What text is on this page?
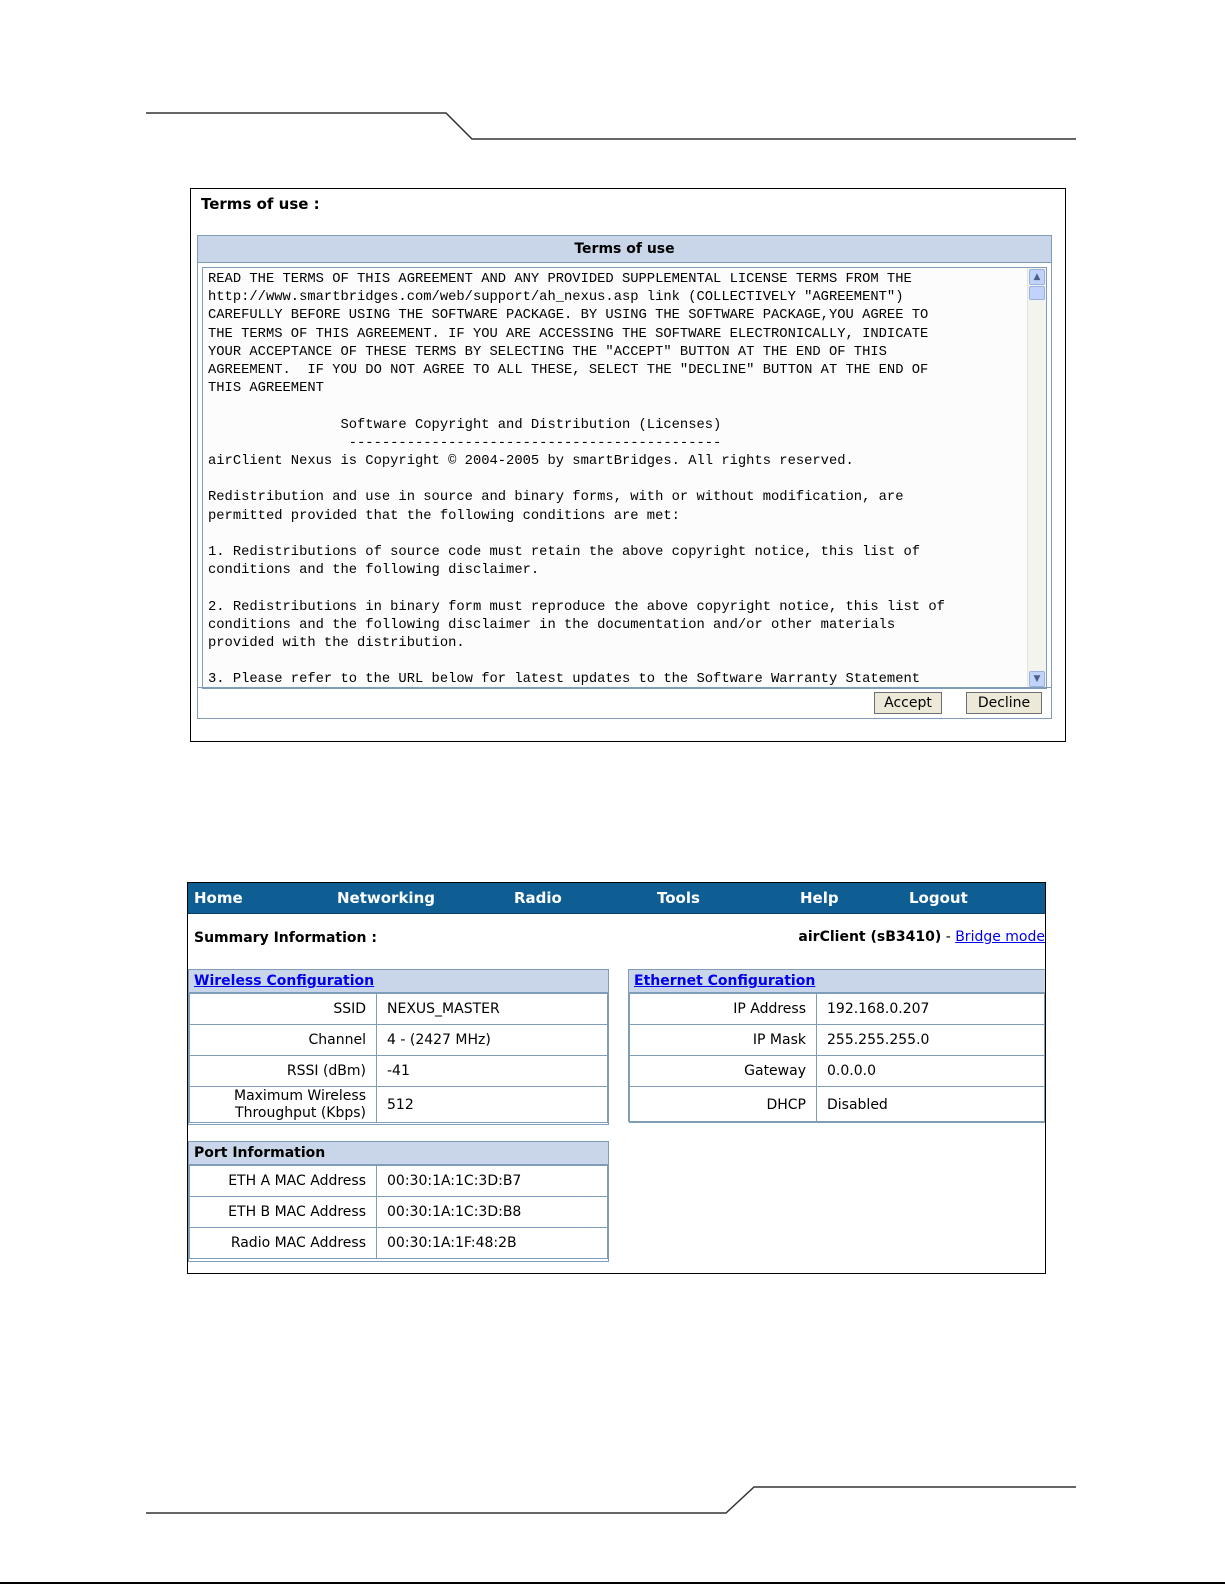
Terms of use :
Terms of use
READ THE TERMS OF THIS AGREEMENT AND ANY PROVIDED SUPPLEMENTAL LICENSE TERMS FROM THE
http://www.smartbridges.com/web/support/ah_nexus.asp link (COLLECTIVELY "AGREEMENT")
CAREFULLY BEFORE USING THE SOFTWARE PACKAGE. BY USING THE SOFTWARE PACKAGE,YOU AGREE TO
THE TERMS OF THIS AGREEMENT. IF YOU ARE ACCESSING THE SOFTWARE ELECTRONICALLY, INDICATE
YOUR ACCEPTANCE OF THESE TERMS BY SELECTING THE "ACCEPT" BUTTON AT THE END OF THIS
AGREEMENT.  IF YOU DO NOT AGREE TO ALL THESE, SELECT THE "DECLINE" BUTTON AT THE END OF
THIS AGREEMENT

Software Copyright and Distribution (Licenses)
---------------------------------------------
airClient Nexus is Copyright © 2004-2005 by smartBridges. All rights reserved.

Redistribution and use in source and binary forms, with or without modification, are
permitted provided that the following conditions are met:

1. Redistributions of source code must retain the above copyright notice, this list of
conditions and the following disclaimer.

2. Redistributions in binary form must reproduce the above copyright notice, this list of
conditions and the following disclaimer in the documentation and/or other materials
provided with the distribution.

3. Please refer to the URL below for latest updates to the Software Warranty Statement
▲
▼
Accept	Decline
Home	Networking	Radio	Tools	Help	Logout
Summary Information :	airClient (sB3410) - Bridge mode
Wireless Configuration
SSID	NEXUS_MASTER
Channel	4 - (2427 MHz)
RSSI (dBm)	-41

Maximum Wireless
Throughput (Kbps)	512
Ethernet Configuration
IP Address	192.168.0.207
IP Mask	255.255.255.0
Gateway	0.0.0.0
DHCP	Disabled
Port Information
ETH A MAC Address	00:30:1A:1C:3D:B7
ETH B MAC Address	00:30:1A:1C:3D:B8
Radio MAC Address	00:30:1A:1F:48:2B
